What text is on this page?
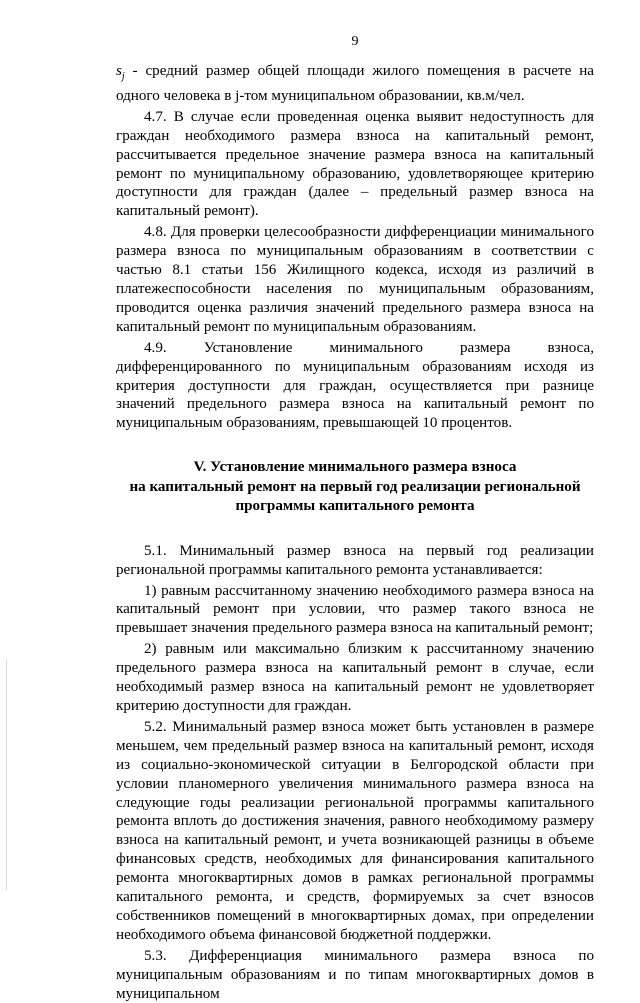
9

$s_j$ - средний размер общей площади жилого помещения в расчете на одного человека в j-том муниципальном образовании, кв.м/чел.

4.7. В случае если проведенная оценка выявит недоступность для граждан необходимого размера взноса на капитальный ремонт, рассчитывается предельное значение размера взноса на капитальный ремонт по муниципальному образованию, удовлетворяющее критерию доступности для граждан (далее – предельный размер взноса на капитальный ремонт).

4.8. Для проверки целесообразности дифференциации минимального размера взноса по муниципальным образованиям в соответствии с частью 8.1 статьи 156 Жилищного кодекса, исходя из различий в платежеспособности населения по муниципальным образованиям, проводится оценка различия значений предельного размера взноса на капитальный ремонт по муниципальным образованиям.

4.9. Установление минимального размера взноса, дифференцированного по муниципальным образованиям исходя из критерия доступности для граждан, осуществляется при разнице значений предельного размера взноса на капитальный ремонт по муниципальным образованиям, превышающей 10 процентов.

V. Установление минимального размера взноса
на капитальный ремонт на первый год реализации региональной
программы капитального ремонта

5.1. Минимальный размер взноса на первый год реализации региональной программы капитального ремонта устанавливается:

1) равным рассчитанному значению необходимого размера взноса на капитальный ремонт при условии, что размер такого взноса не превышает значения предельного размера взноса на капитальный ремонт;

2) равным или максимально близким к рассчитанному значению предельного размера взноса на капитальный ремонт в случае, если необходимый размер взноса на капитальный ремонт не удовлетворяет критерию доступности для граждан.

5.2. Минимальный размер взноса может быть установлен в размере меньшем, чем предельный размер взноса на капитальный ремонт, исходя из социально-экономической ситуации в Белгородской области при условии планомерного увеличения минимального размера взноса на следующие годы реализации региональной программы капитального ремонта вплоть до достижения значения, равного необходимому размеру взноса на капитальный ремонт, и учета возникающей разницы в объеме финансовых средств, необходимых для финансирования капитального ремонта многоквартирных домов в рамках региональной программы капитального ремонта, и средств, формируемых за счет взносов собственников помещений в многоквартирных домах, при определении необходимого объема финансовой бюджетной поддержки.

5.3. Дифференциация минимального размера взноса по муниципальным образованиям и по типам многоквартирных домов в муниципальном
